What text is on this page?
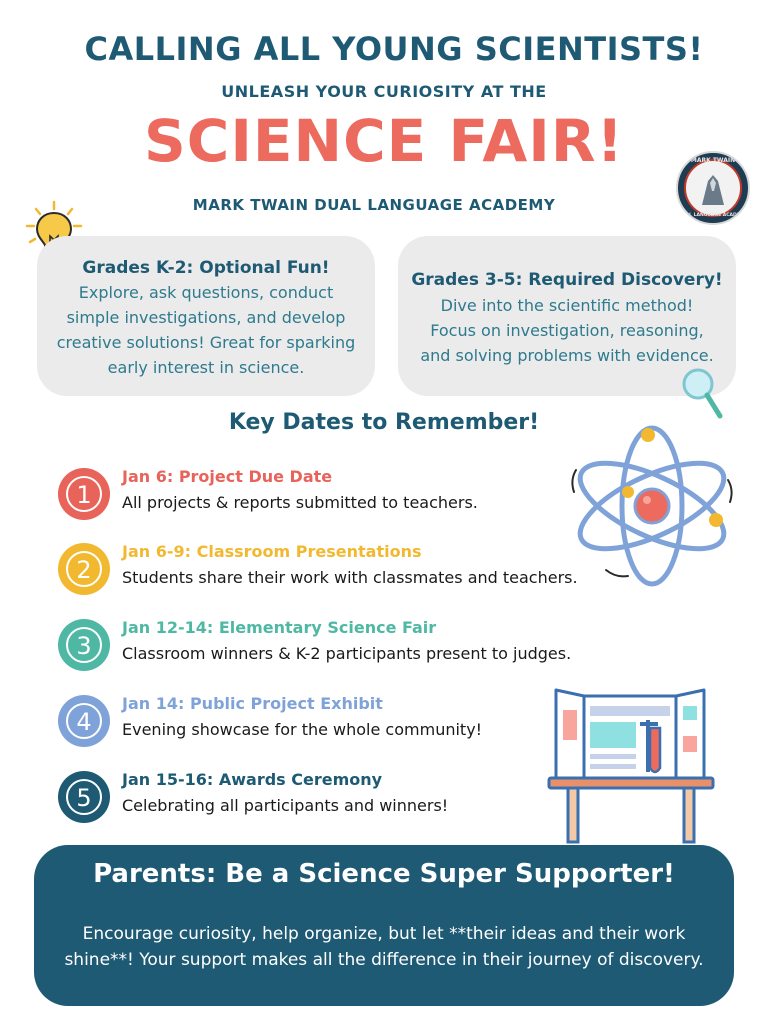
CALLING ALL YOUNG SCIENTISTS!
UNLEASH YOUR CURIOSITY AT THE
SCIENCE FAIR!
MARK TWAIN DUAL LANGUAGE ACADEMY
MARK TWAIN
DUAL LANGUAGE ACADEMY
Grades K-2: Optional Fun!
Explore, ask questions, conduct
simple investigations, and develop
creative solutions! Great for sparking
early interest in science.
Grades 3-5: Required Discovery!
Dive into the scientific method!
Focus on investigation, reasoning,
and solving problems with evidence.
Key Dates to Remember!
1
Jan 6: Project Due Date
All projects & reports submitted to teachers.
2
Jan 6-9: Classroom Presentations
Students share their work with classmates and teachers.
3
Jan 12-14: Elementary Science Fair
Classroom winners & K-2 participants present to judges.
4
Jan 14: Public Project Exhibit
Evening showcase for the whole community!
5
Jan 15-16: Awards Ceremony
Celebrating all participants and winners!
Parents: Be a Science Super Supporter!
Encourage curiosity, help organize, but let **their ideas and their work
shine**! Your support makes all the difference in their journey of discovery.
